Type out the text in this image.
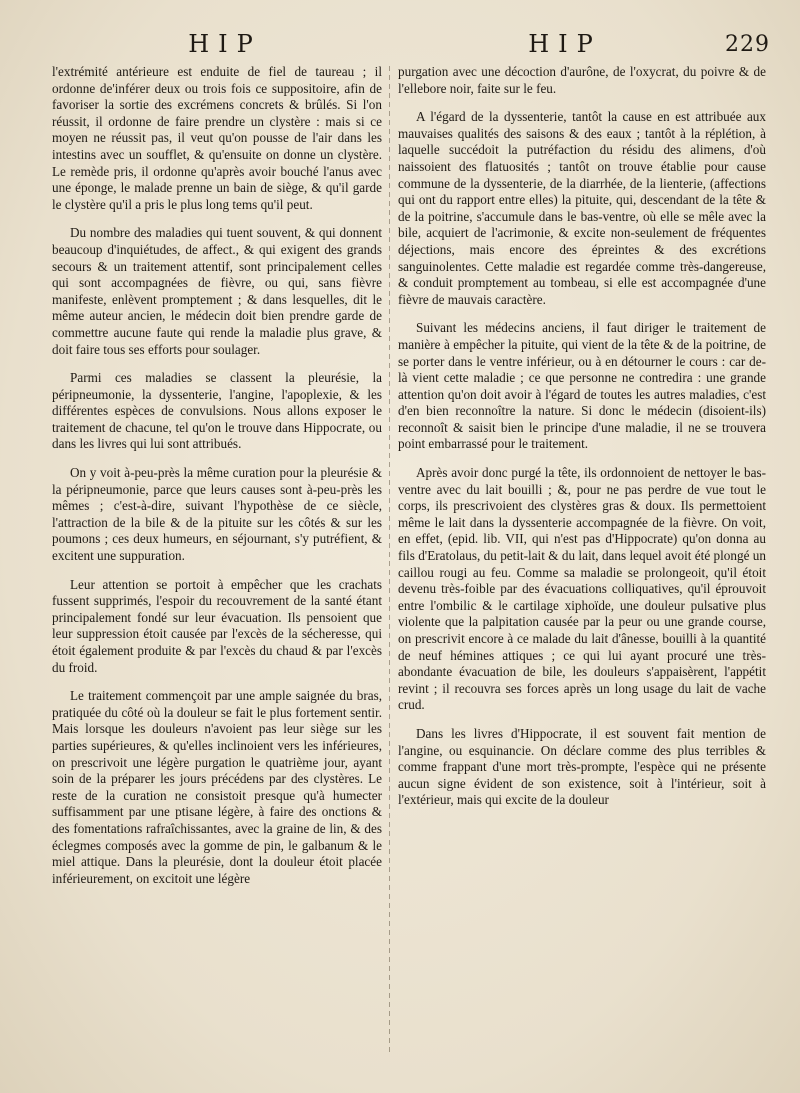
HIP	HIP	229

l'extrémité antérieure est enduite de fiel de taureau ; il ordonne de'inférer deux ou trois fois ce suppositoire, afin de favoriser la sortie des excrémens concrets & brûlés. Si l'on réussit, il ordonne de faire prendre un clystère : mais si ce moyen ne réussit pas, il veut qu'on pousse de l'air dans les intestins avec un soufflet, & qu'ensuite on donne un clystère. Le remède pris, il ordonne qu'après avoir bouché l'anus avec une éponge, le malade prenne un bain de siège, & qu'il garde le clystère qu'il a pris le plus long tems qu'il peut.

Du nombre des maladies qui tuent souvent, & qui donnent beaucoup d'inquiétudes, de affect., & qui exigent des grands secours & un traitement attentif, sont principalement celles qui sont accompagnées de fièvre, ou qui, sans fièvre manifeste, enlèvent promptement ; & dans lesquelles, dit le même auteur ancien, le médecin doit bien prendre garde de commettre aucune faute qui rende la maladie plus grave, & doit faire tous ses efforts pour soulager.

Parmi ces maladies se classent la pleurésie, la péripneumonie, la dyssenterie, l'angine, l'apoplexie, & les différentes espèces de convulsions. Nous allons exposer le traitement de chacune, tel qu'on le trouve dans Hippocrate, ou dans les livres qui lui sont attribués.

On y voit à-peu-près la même curation pour la pleurésie & la péripneumonie, parce que leurs causes sont à-peu-près les mêmes ; c'est-à-dire, suivant l'hypothèse de ce siècle, l'attraction de la bile & de la pituite sur les côtés & sur les poumons ; ces deux humeurs, en séjournant, s'y putréfient, & excitent une suppuration.

Leur attention se portoit à empêcher que les crachats fussent supprimés, l'espoir du recouvrement de la santé étant principalement fondé sur leur évacuation. Ils pensoient que leur suppression étoit causée par l'excès de la sécheresse, qui étoit également produite & par l'excès du chaud & par l'excès du froid.

Le traitement commençoit par une ample saignée du bras, pratiquée du côté où la douleur se fait le plus fortement sentir. Mais lorsque les douleurs n'avoient pas leur siège sur les parties supérieures, & qu'elles inclinoient vers les inférieures, on prescrivoit une légère purgation le quatrième jour, ayant soin de la préparer les jours précédens par des clystères. Le reste de la curation ne consistoit presque qu'à humecter suffisamment par une ptisane légère, à faire des onctions & des fomentations rafraîchissantes, avec la graine de lin, & des éclegmes composés avec la gomme de pin, le galbanum & le miel attique. Dans la pleurésie, dont la douleur étoit placée inférieurement, on excitoit une légère

purgation avec une décoction d'aurône, de l'oxycrat, du poivre & de l'ellebore noir, faite sur le feu.

A l'égard de la dyssenterie, tantôt la cause en est attribuée aux mauvaises qualités des saisons & des eaux ; tantôt à la réplétion, à laquelle succédoit la putréfaction du résidu des alimens, d'où naissoient des flatuosités ; tantôt on trouve établie pour cause commune de la dyssenterie, de la diarrhée, de la lienterie, (affections qui ont du rapport entre elles) la pituite, qui, descendant de la tête & de la poitrine, s'accumule dans le bas-ventre, où elle se mêle avec la bile, acquiert de l'acrimonie, & excite non-seulement de fréquentes déjections, mais encore des épreintes & des excrétions sanguinolentes. Cette maladie est regardée comme très-dangereuse, & conduit promptement au tombeau, si elle est accompagnée d'une fièvre de mauvais caractère.

Suivant les médecins anciens, il faut diriger le traitement de manière à empêcher la pituite, qui vient de la tête & de la poitrine, de se porter dans le ventre inférieur, ou à en détourner le cours : car de-là vient cette maladie ; ce que personne ne contredira : une grande attention qu'on doit avoir à l'égard de toutes les autres maladies, c'est d'en bien reconnoître la nature. Si donc le médecin (disoient-ils) reconnoît & saisit bien le principe d'une maladie, il ne se trouvera point embarrassé pour le traitement.

Après avoir donc purgé la tête, ils ordonnoient de nettoyer le bas-ventre avec du lait bouilli ; &, pour ne pas perdre de vue tout le corps, ils prescrivoient des clystères gras & doux. Ils permettoient même le lait dans la dyssenterie accompagnée de la fièvre. On voit, en effet, (epid. lib. VII, qui n'est pas d'Hippocrate) qu'on donna au fils d'Eratolaus, du petit-lait & du lait, dans lequel avoit été plongé un caillou rougi au feu. Comme sa maladie se prolongeoit, qu'il étoit devenu très-foible par des évacuations colliquatives, qu'il éprouvoit entre l'ombilic & le cartilage xiphoïde, une douleur pulsative plus violente que la palpitation causée par la peur ou une grande course, on prescrivit encore à ce malade du lait d'ânesse, bouilli à la quantité de neuf hémines attiques ; ce qui lui ayant procuré une très-abondante évacuation de bile, les douleurs s'appaisèrent, l'appétit revint ; il recouvra ses forces après un long usage du lait de vache crud.

Dans les livres d'Hippocrate, il est souvent fait mention de l'angine, ou esquinancie. On déclare comme des plus terribles & comme frappant d'une mort très-prompte, l'espèce qui ne présente aucun signe évident de son existence, soit à l'intérieur, soit à l'extérieur, mais qui excite de la douleur
